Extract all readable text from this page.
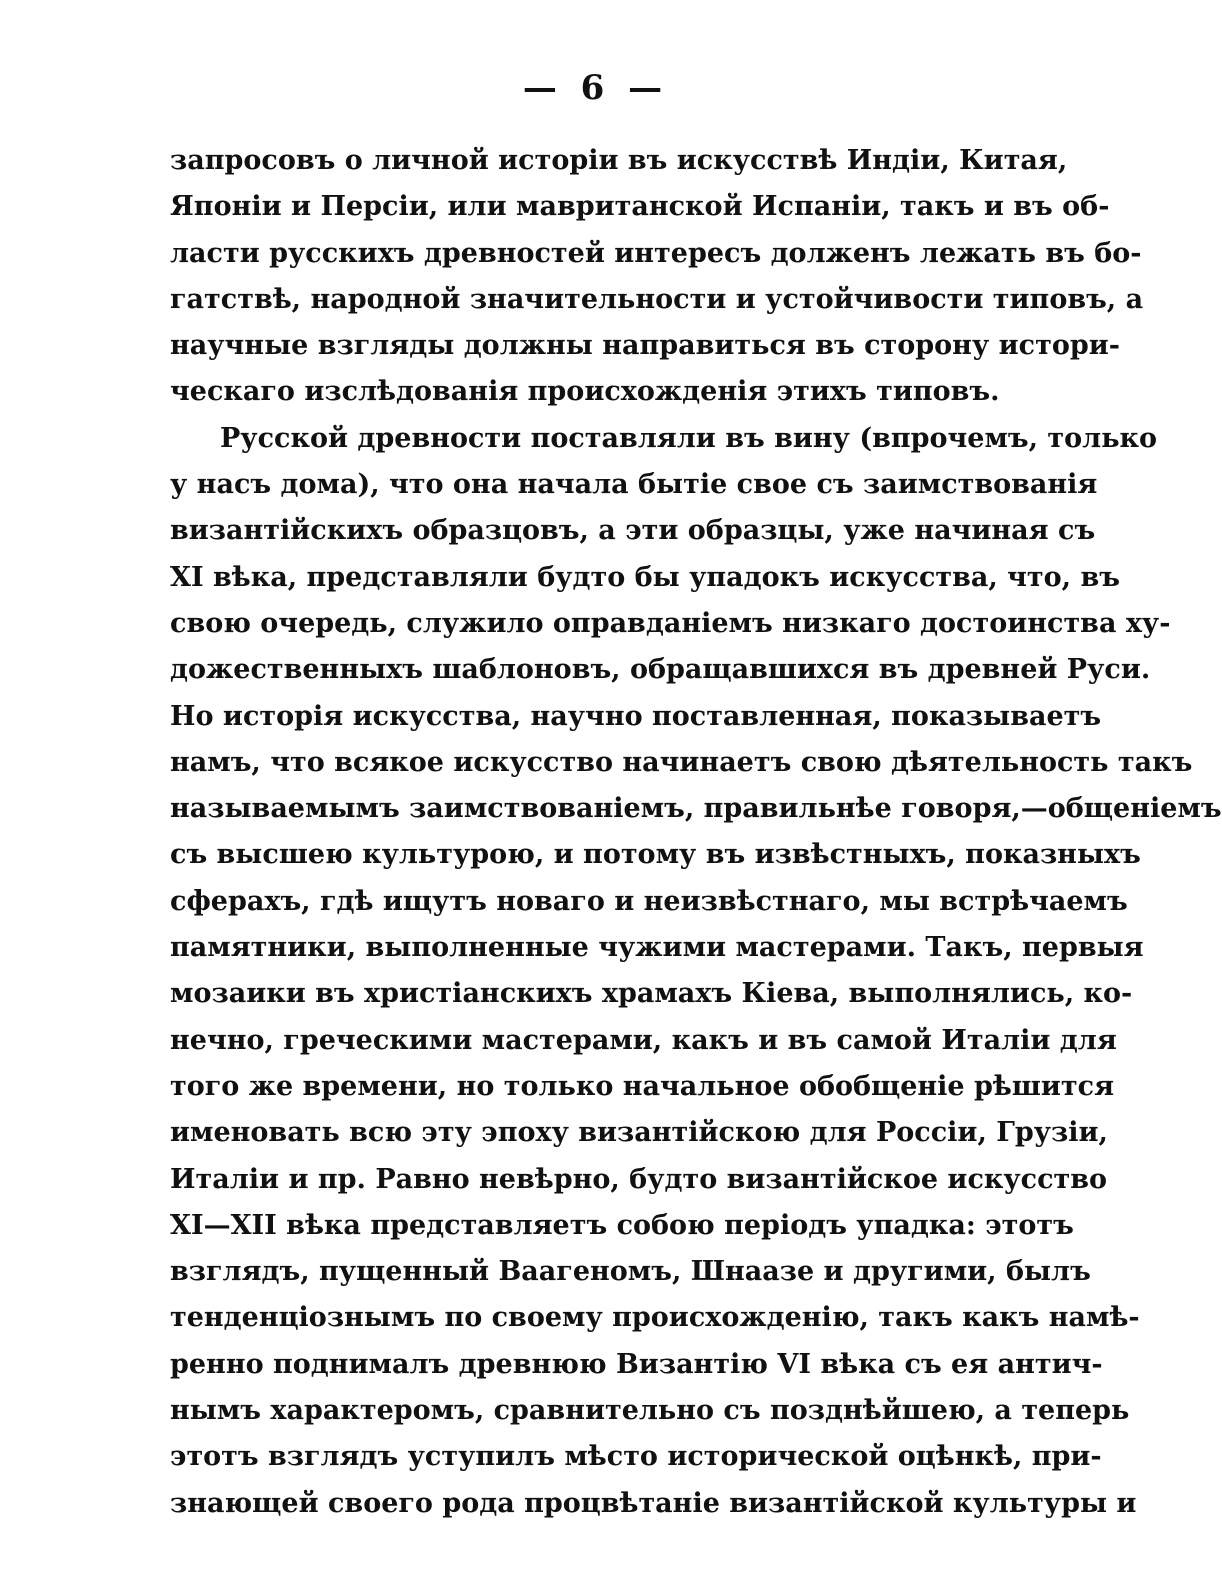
— 6 —
запросовъ о личной исторіи въ искусствѣ Индіи, Китая,
Японіи и Персіи, или мавританской Испаніи, такъ и въ об-
ласти русскихъ древностей интересъ долженъ лежать въ бо-
гатствѣ, народной значительности и устойчивости типовъ, а
научные взгляды должны направиться въ сторону истори-
ческаго изслѣдованія происхожденія этихъ типовъ.
Русской древности поставляли въ вину (впрочемъ, только
у насъ дома), что она начала бытіе свое съ заимствованія
византійскихъ образцовъ, а эти образцы, уже начиная съ
XI вѣка, представляли будто бы упадокъ искусства, что, въ
свою очередь, служило оправданіемъ низкаго достоинства ху-
дожественныхъ шаблоновъ, обращавшихся въ древней Руси.
Но исторія искусства, научно поставленная, показываетъ
намъ, что всякое искусство начинаетъ свою дѣятельность такъ
называемымъ заимствованіемъ, правильнѣе говоря,—общеніемъ
съ высшею культурою, и потому въ извѣстныхъ, показныхъ
сферахъ, гдѣ ищутъ новаго и неизвѣстнаго, мы встрѣчаемъ
памятники, выполненные чужими мастерами. Такъ, первыя
мозаики въ христіанскихъ храмахъ Кіева, выполнялись, ко-
нечно, греческими мастерами, какъ и въ самой Италіи для
того же времени, но только начальное обобщеніе рѣшится
именовать всю эту эпоху византійскою для Россіи, Грузіи,
Италіи и пр. Равно невѣрно, будто византійское искусство
XI—XII вѣка представляетъ собою періодъ упадка: этотъ
взглядъ, пущенный Ваагеномъ, Шнаазе и другими, былъ
тенденціознымъ по своему происхожденію, такъ какъ намѣ-
ренно поднималъ древнюю Византію VI вѣка съ ея антич-
нымъ характеромъ, сравнительно съ позднѣйшею, а теперь
этотъ взглядъ уступилъ мѣсто исторической оцѣнкѣ, при-
знающей своего рода процвѣтаніе византійской культуры и
